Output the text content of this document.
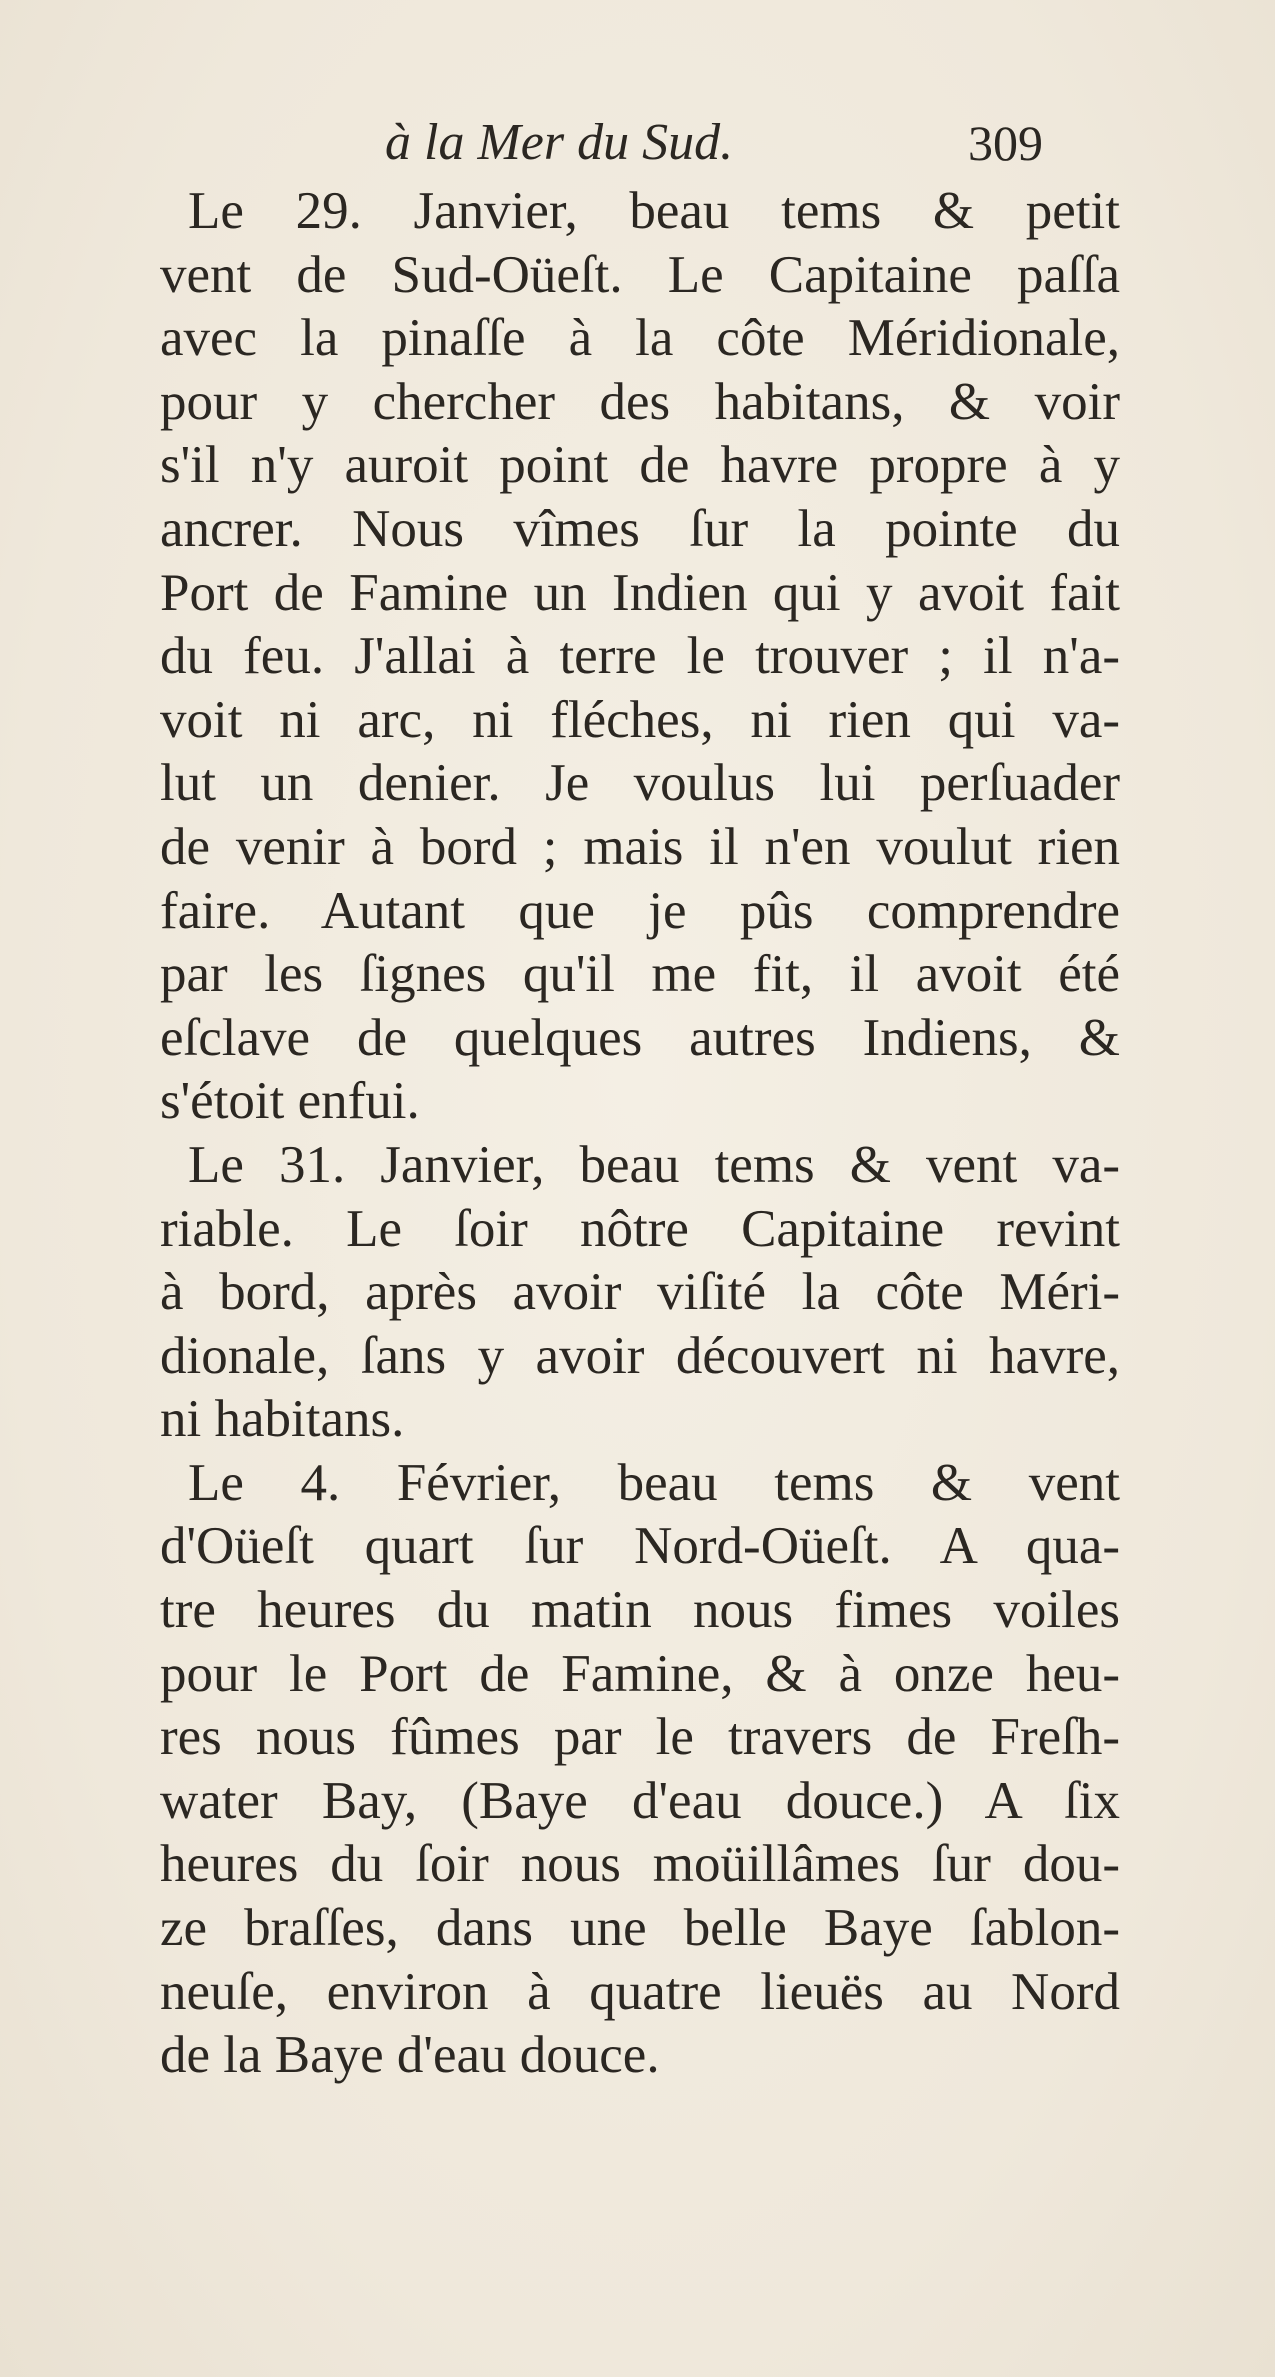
à la Mer du Sud.	309
Le 29. Janvier, beau tems & petit
vent de Sud-Oüeſt. Le Capitaine paſſa
avec la pinaſſe à la côte Méridionale,
pour y chercher des habitans, & voir
s'il n'y auroit point de havre propre à y
ancrer. Nous vîmes ſur la pointe du
Port de Famine un Indien qui y avoit fait
du feu. J'allai à terre le trouver ; il n'a-
voit ni arc, ni fléches, ni rien qui va-
lut un denier. Je voulus lui perſuader
de venir à bord ; mais il n'en voulut rien
faire. Autant que je pûs comprendre
par les ſignes qu'il me fit, il avoit été
eſclave de quelques autres Indiens, &
s'étoit enfui.
Le 31. Janvier, beau tems & vent va-
riable. Le ſoir nôtre Capitaine revint
à bord, après avoir viſité la côte Méri-
dionale, ſans y avoir découvert ni havre,
ni habitans.
Le 4. Février, beau tems & vent
d'Oüeſt quart ſur Nord-Oüeſt. A qua-
tre heures du matin nous fimes voiles
pour le Port de Famine, & à onze heu-
res nous fûmes par le travers de Freſh-
water Bay, (Baye d'eau douce.) A ſix
heures du ſoir nous moüillâmes ſur dou-
ze braſſes, dans une belle Baye ſablon-
neuſe, environ à quatre lieuës au Nord
de la Baye d'eau douce.
